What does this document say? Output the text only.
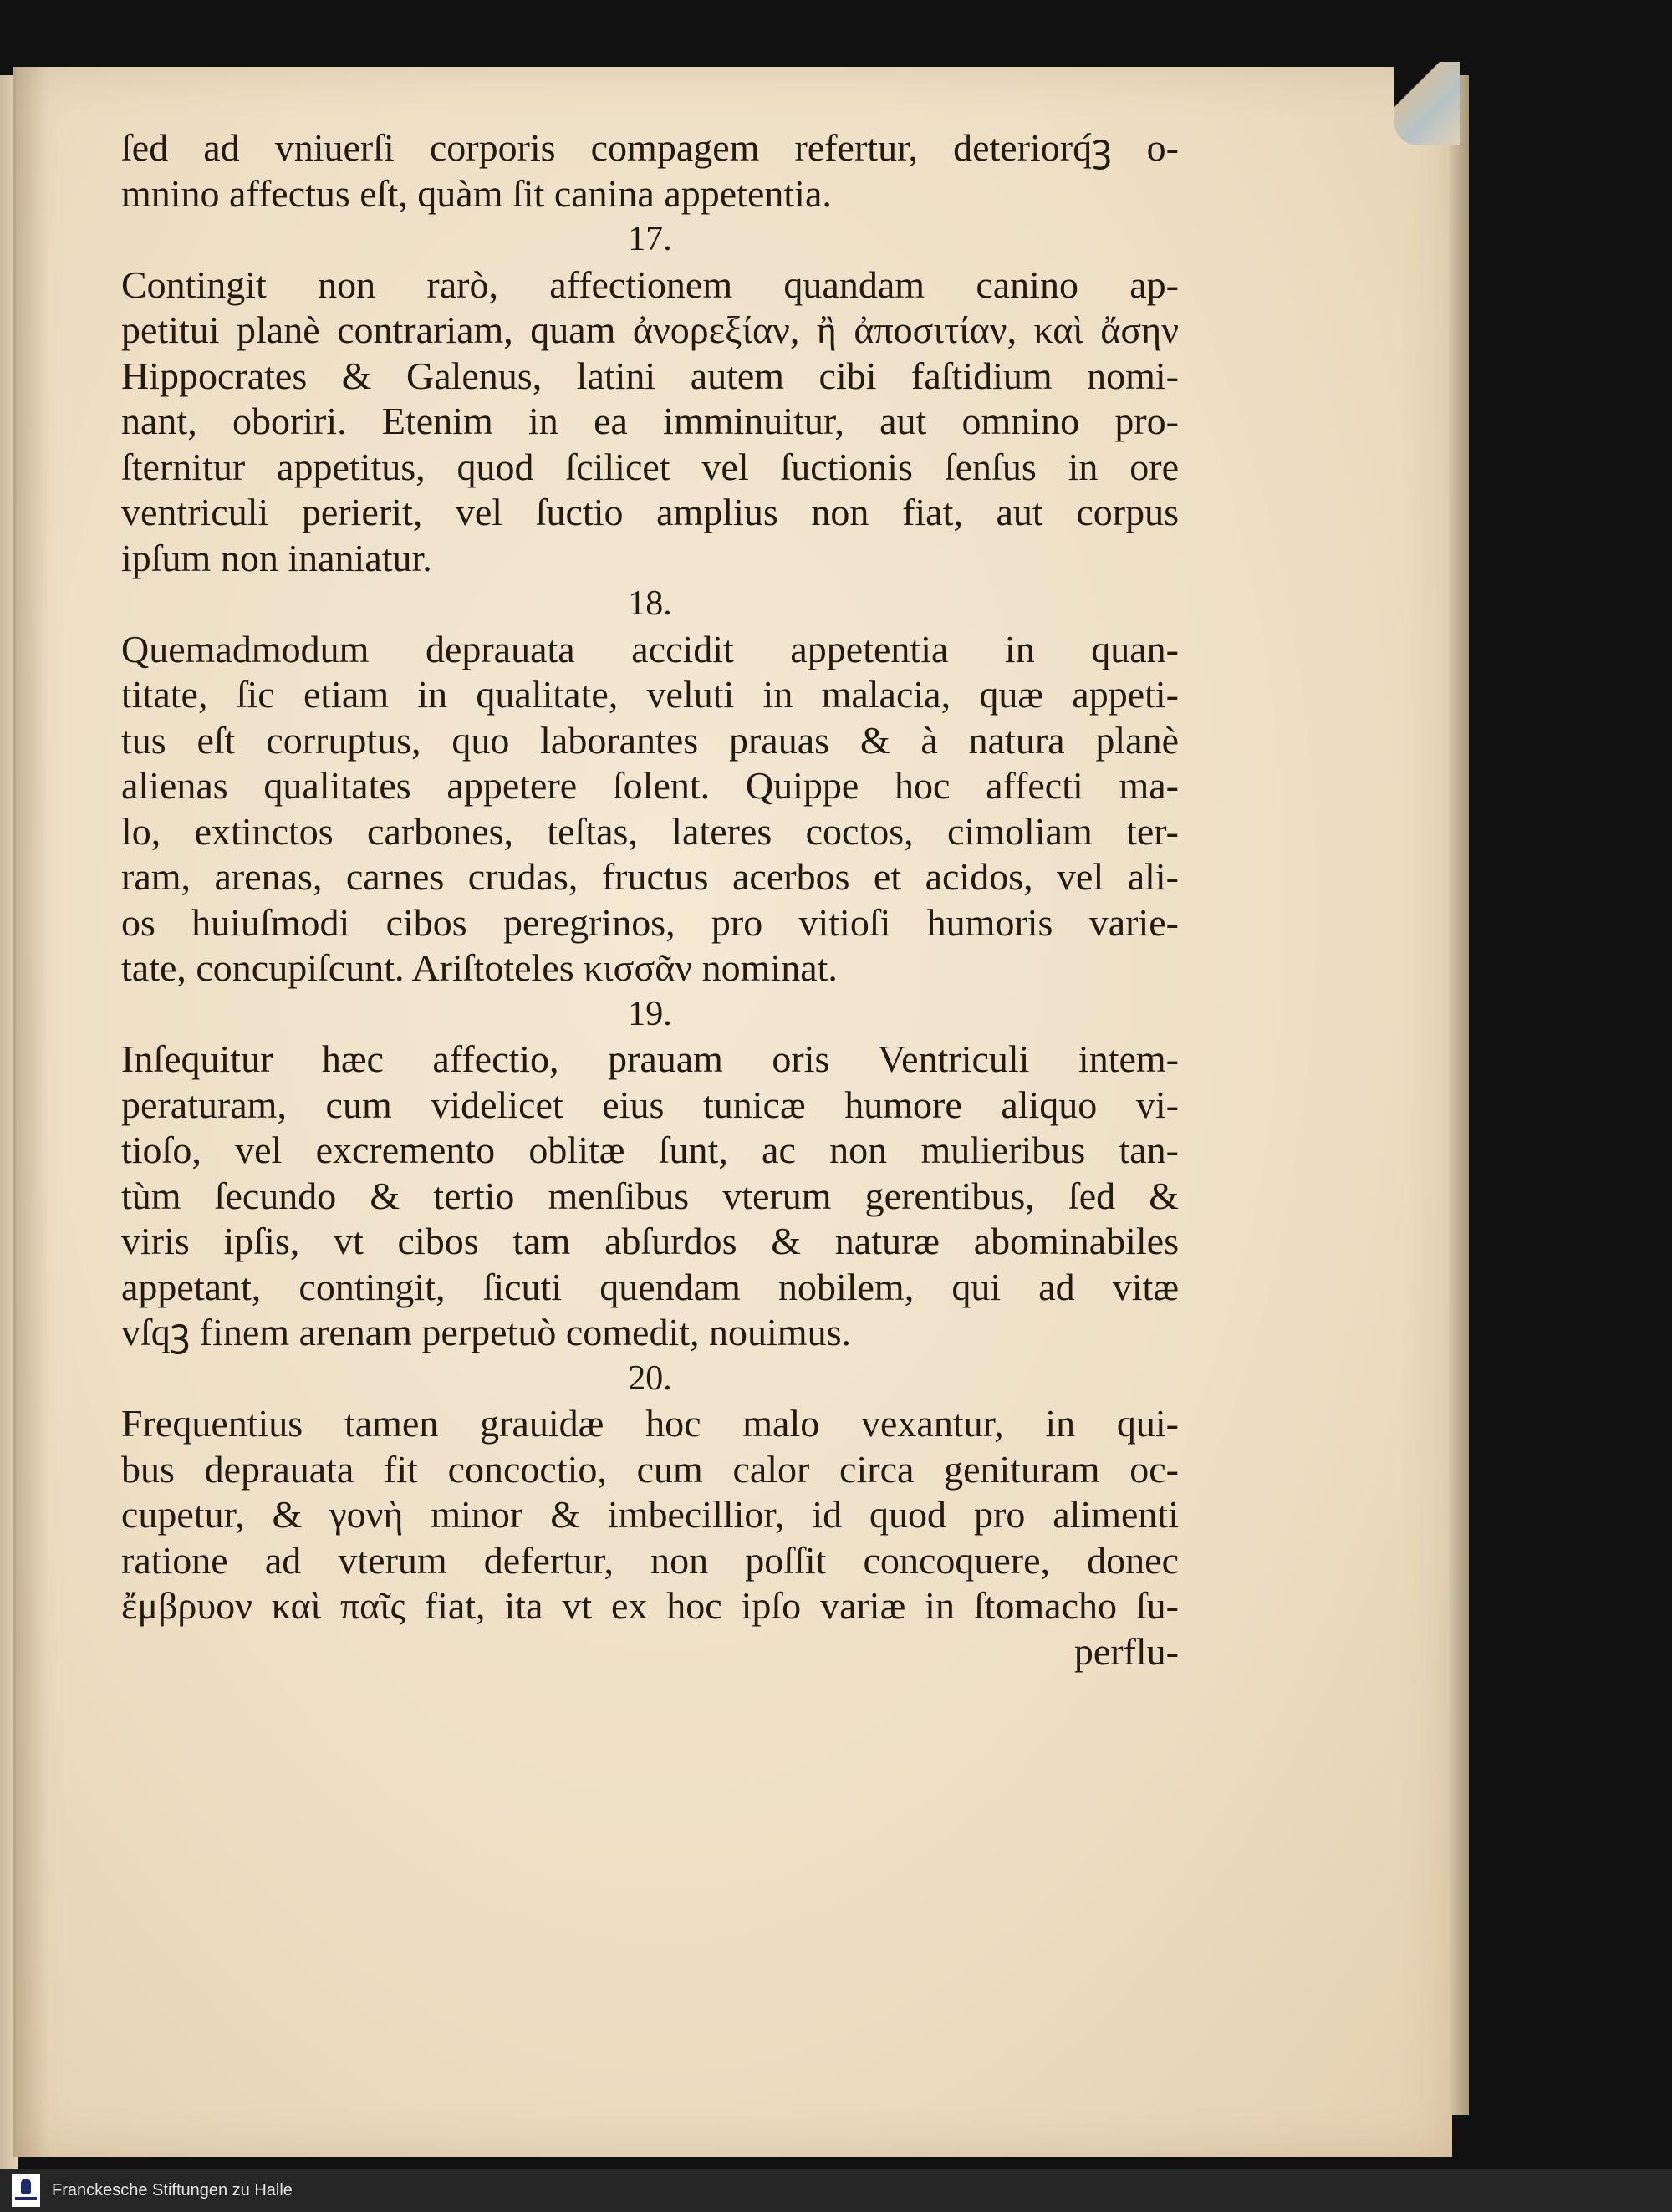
ſed ad vniuerſi corporis compagem refertur, deteriorq́ꝫ o-
mnino affectus eſt, quàm ſit canina appetentia.
17.
Contingit non rarò, affectionem quandam canino ap-
petitui planè contrariam, quam ἀνορεξίαν, ἢ ἀποσιτίαν, καὶ ἄσην
Hippocrates & Galenus, latini autem cibi faſtidium nomi-
nant, oboriri. Etenim in ea imminuitur, aut omnino pro-
ſternitur appetitus, quod ſcilicet vel ſuctionis ſenſus in ore
ventriculi perierit, vel ſuctio amplius non fiat, aut corpus
ipſum non inaniatur.
18.
Quemadmodum deprauata accidit appetentia in quan-
titate, ſic etiam in qualitate, veluti in malacia, quæ appeti-
tus eſt corruptus, quo laborantes prauas & à natura planè
alienas qualitates appetere ſolent. Quippe hoc affecti ma-
lo, extinctos carbones, teſtas, lateres coctos, cimoliam ter-
ram, arenas, carnes crudas, fructus acerbos et acidos, vel ali-
os huiuſmodi cibos peregrinos, pro vitioſi humoris varie-
tate, concupiſcunt. Ariſtoteles κισσᾶν nominat.
19.
Inſequitur hæc affectio, prauam oris Ventriculi intem-
peraturam, cum videlicet eius tunicæ humore aliquo vi-
tioſo, vel excremento oblitæ ſunt, ac non mulieribus tan-
tùm ſecundo & tertio menſibus vterum gerentibus, ſed &
viris ipſis, vt cibos tam abſurdos & naturæ abominabiles
appetant, contingit, ſicuti quendam nobilem, qui ad vitæ
vſqꝫ finem arenam perpetuò comedit, nouimus.
20.
Frequentius tamen grauidæ hoc malo vexantur, in qui-
bus deprauata fit concoctio, cum calor circa genituram oc-
cupetur, & γονὴ minor & imbecillior, id quod pro alimenti
ratione ad vterum defertur, non poſſit concoquere, donec
ἔμβρυον καὶ παῖς fiat, ita vt ex hoc ipſo variæ in ſtomacho ſu-
perflu-
Franckesche Stiftungen zu Halle
